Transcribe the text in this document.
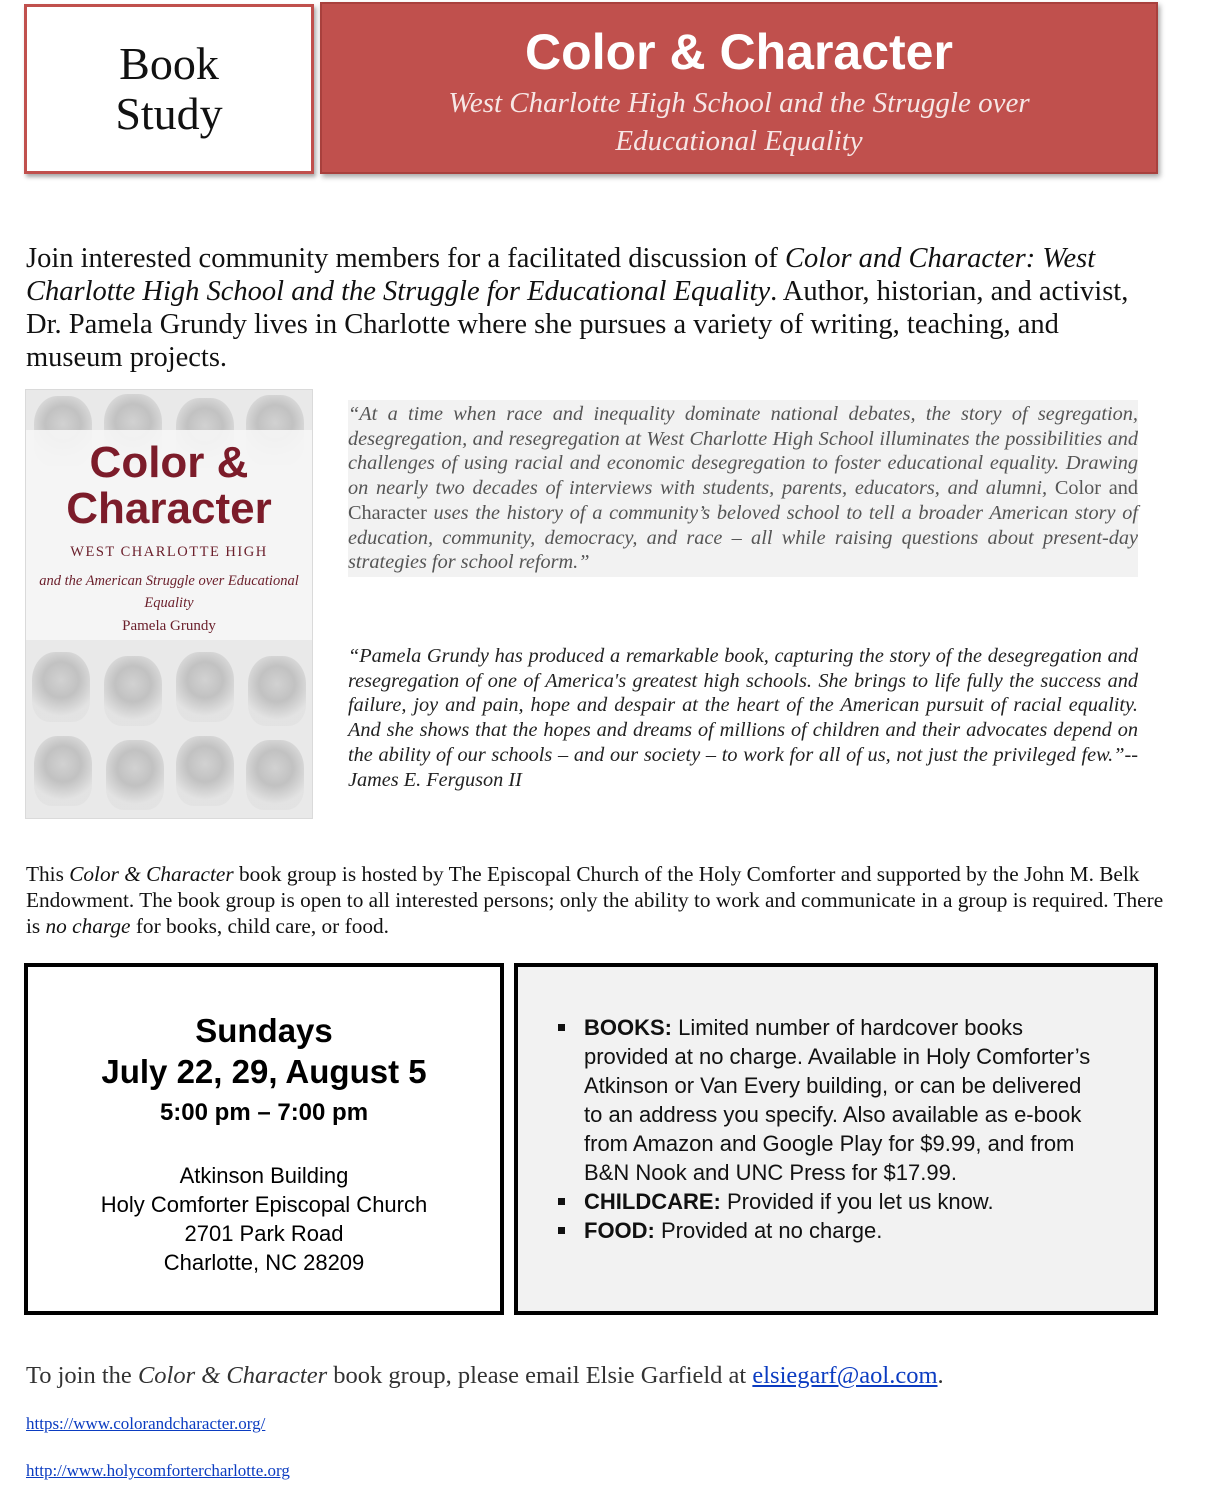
Book
Study
Color & Character
West Charlotte High School and the Struggle over
Educational Equality
Join interested community members for a facilitated discussion of Color and Character: West Charlotte High School and the Struggle for Educational Equality. Author, historian, and activist, Dr. Pamela Grundy lives in Charlotte where she pursues a variety of writing, teaching, and museum projects.
Color &
Character
WEST CHARLOTTE HIGH
and the American Struggle over Educational Equality
Pamela Grundy
“At a time when race and inequality dominate national debates, the story of segregation, desegregation, and resegregation at West Charlotte High School illuminates the possibilities and challenges of using racial and economic desegregation to foster educational equality. Drawing on nearly two decades of interviews with students, parents, educators, and alumni, Color and Character uses the history of a community’s beloved school to tell a broader American story of education, community, democracy, and race – all while raising questions about present-day strategies for school reform.”
“Pamela Grundy has produced a remarkable book, capturing the story of the desegregation and resegregation of one of America's greatest high schools. She brings to life fully the success and failure, joy and pain, hope and despair at the heart of the American pursuit of racial equality. And she shows that the hopes and dreams of millions of children and their advocates depend on the ability of our schools – and our society – to work for all of us, not just the privileged few.”--James E. Ferguson II
This Color & Character book group is hosted by The Episcopal Church of the Holy Comforter and supported by the John M. Belk Endowment. The book group is open to all interested persons; only the ability to work and communicate in a group is required. There is no charge for books, child care, or food.
Sundays
July 22, 29, August 5
5:00 pm – 7:00 pm
Atkinson Building
Holy Comforter Episcopal Church
2701 Park Road
Charlotte, NC 28209
BOOKS: Limited number of hardcover books provided at no charge. Available in Holy Comforter’s Atkinson or Van Every building, or can be delivered to an address you specify. Also available as e-book from Amazon and Google Play for $9.99, and from B&N Nook and UNC Press for $17.99.
CHILDCARE: Provided if you let us know.
FOOD: Provided at no charge.
To join the Color & Character book group, please email Elsie Garfield at elsiegarf@aol.com.
https://www.colorandcharacter.org/
http://www.holycomfortercharlotte.org
